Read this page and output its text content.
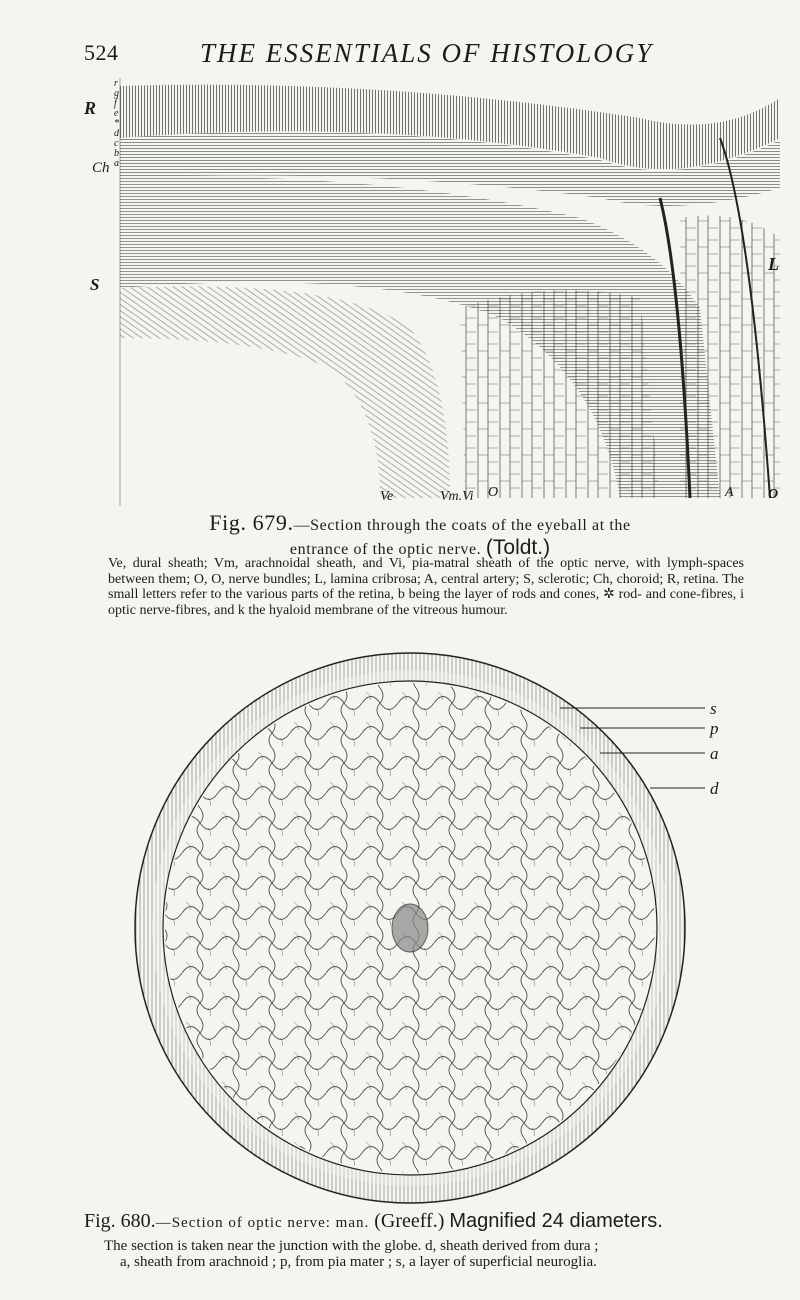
524	THE ESSENTIALS OF HISTOLOGY
R
Ch
S
L
Ve	Vm.Vi O	A O
r
g
f
e
*
d
c
b
a
Fig. 679.—Section through the coats of the eyeball at the
entrance of the optic nerve. (Toldt.)
Ve, dural sheath; Vm, arachnoidal sheath, and Vi, pia-matral sheath of the optic nerve, with lymph-spaces between them; O, O, nerve bundles; L, lamina cribrosa; A, central artery; S, sclerotic; Ch, choroid; R, retina. The small letters refer to the various parts of the retina, b being the layer of rods and cones, ✲ rod- and cone-fibres, i optic nerve-fibres, and k the hyaloid membrane of the vitreous humour.
s
p
a
d
Fig. 680.—Section of optic nerve: man. (Greeff.) Magnified 24 diameters.
The section is taken near the junction with the globe. d, sheath derived from dura ;
a, sheath from arachnoid ; p, from pia mater ; s, a layer of superficial neuroglia.
